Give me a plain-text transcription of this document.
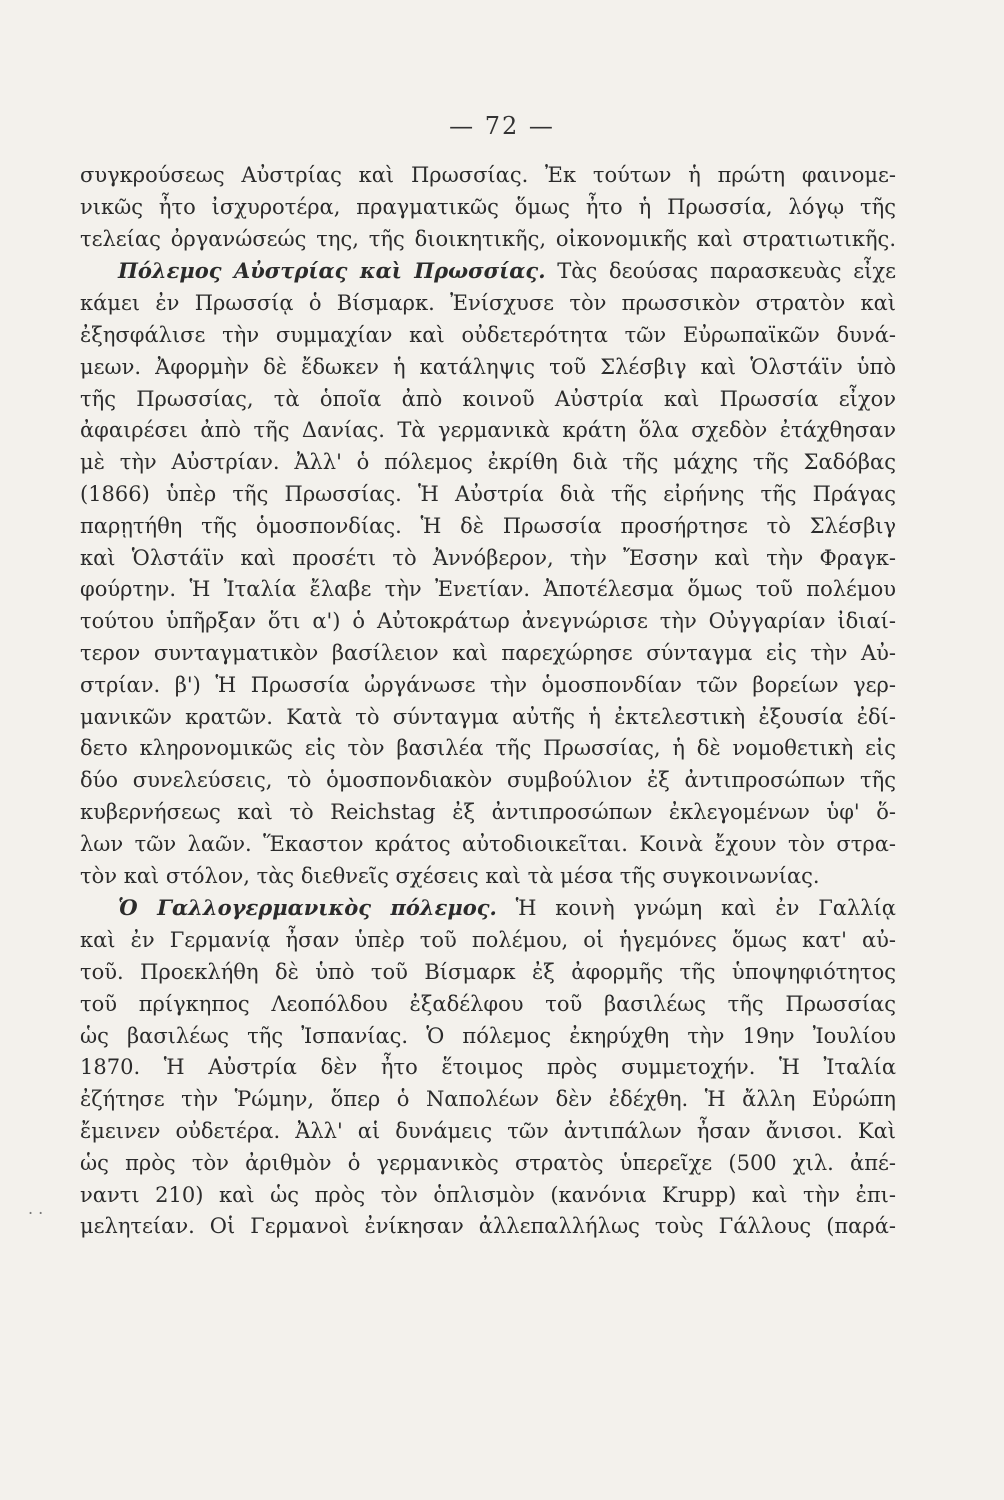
— 72 —
. .
συγκρούσεως Αὐστρίας καὶ Πρωσσίας. Ἐκ τούτων ἡ πρώτη φαινομε-
νικῶς ἦτο ἰσχυροτέρα, πραγματικῶς ὅμως ἦτο ἡ Πρωσσία, λόγῳ τῆς
τελείας ὀργανώσεώς της, τῆς διοικητικῆς, οἰκονομικῆς καὶ στρατιωτικῆς.
Πόλεμος Αὐστρίας καὶ Πρωσσίας. Τὰς δεούσας παρασκευὰς εἶχε
κάμει ἐν Πρωσσίᾳ ὁ Βίσμαρκ. Ἐνίσχυσε τὸν πρωσσικὸν στρατὸν καὶ
ἐξησφάλισε τὴν συμμαχίαν καὶ οὐδετερότητα τῶν Εὐρωπαϊκῶν δυνά-
μεων. Ἀφορμὴν δὲ ἔδωκεν ἡ κατάληψις τοῦ Σλέσβιγ καὶ Ὁλστάϊν ὑπὸ
τῆς Πρωσσίας, τὰ ὁποῖα ἀπὸ κοινοῦ Αὐστρία καὶ Πρωσσία εἶχον
ἀφαιρέσει ἀπὸ τῆς Δανίας. Τὰ γερμανικὰ κράτη ὅλα σχεδὸν ἐτάχθησαν
μὲ τὴν Αὐστρίαν. Ἀλλ' ὁ πόλεμος ἐκρίθη διὰ τῆς μάχης τῆς Σαδόβας
(1866) ὑπὲρ τῆς Πρωσσίας. Ἡ Αὐστρία διὰ τῆς εἰρήνης τῆς Πράγας
παρῃτήθη τῆς ὁμοσπονδίας. Ἡ δὲ Πρωσσία προσήρτησε τὸ Σλέσβιγ
καὶ Ὁλστάϊν καὶ προσέτι τὸ Ἀννόβερον, τὴν Ἔσσην καὶ τὴν Φραγκ-
φούρτην. Ἡ Ἰταλία ἔλαβε τὴν Ἐνετίαν. Ἀποτέλεσμα ὅμως τοῦ πολέμου
τούτου ὑπῆρξαν ὅτι α') ὁ Αὐτοκράτωρ ἀνεγνώρισε τὴν Οὐγγαρίαν ἰδιαί-
τερον συνταγματικὸν βασίλειον καὶ παρεχώρησε σύνταγμα εἰς τὴν Αὐ-
στρίαν. β') Ἡ Πρωσσία ὠργάνωσε τὴν ὁμοσπονδίαν τῶν βορείων γερ-
μανικῶν κρατῶν. Κατὰ τὸ σύνταγμα αὐτῆς ἡ ἐκτελεστικὴ ἐξουσία ἐδί-
δετο κληρονομικῶς εἰς τὸν βασιλέα τῆς Πρωσσίας, ἡ δὲ νομοθετικὴ εἰς
δύο συνελεύσεις, τὸ ὁμοσπονδιακὸν συμβούλιον ἐξ ἀντιπροσώπων τῆς
κυβερνήσεως καὶ τὸ Reichstag ἐξ ἀντιπροσώπων ἐκλεγομένων ὑφ' ὅ-
λων τῶν λαῶν. Ἕκαστον κράτος αὐτοδιοικεῖται. Κοινὰ ἔχουν τὸν στρα-
τὸν καὶ στόλον, τὰς διεθνεῖς σχέσεις καὶ τὰ μέσα τῆς συγκοινωνίας.
Ὁ Γαλλογερμανικὸς πόλεμος. Ἡ κοινὴ γνώμη καὶ ἐν Γαλλίᾳ
καὶ ἐν Γερμανίᾳ ἦσαν ὑπὲρ τοῦ πολέμου, οἱ ἡγεμόνες ὅμως κατ' αὐ-
τοῦ. Προεκλήθη δὲ ὑπὸ τοῦ Βίσμαρκ ἐξ ἀφορμῆς τῆς ὑποψηφιότητος
τοῦ πρίγκηπος Λεοπόλδου ἐξαδέλφου τοῦ βασιλέως τῆς Πρωσσίας
ὡς βασιλέως τῆς Ἰσπανίας. Ὁ πόλεμος ἐκηρύχθη τὴν 19ην Ἰουλίου
1870. Ἡ Αὐστρία δὲν ἦτο ἕτοιμος πρὸς συμμετοχήν. Ἡ Ἰταλία
ἐζήτησε τὴν Ῥώμην, ὅπερ ὁ Ναπολέων δὲν ἐδέχθη. Ἡ ἄλλη Εὐρώπη
ἔμεινεν οὐδετέρα. Ἀλλ' αἱ δυνάμεις τῶν ἀντιπάλων ἦσαν ἄνισοι. Καὶ
ὡς πρὸς τὸν ἀριθμὸν ὁ γερμανικὸς στρατὸς ὑπερεῖχε (500 χιλ. ἀπέ-
ναντι 210) καὶ ὡς πρὸς τὸν ὁπλισμὸν (κανόνια Krupp) καὶ τὴν ἐπι-
μελητείαν. Οἱ Γερμανοὶ ἐνίκησαν ἀλλεπαλλήλως τοὺς Γάλλους (παρά-
